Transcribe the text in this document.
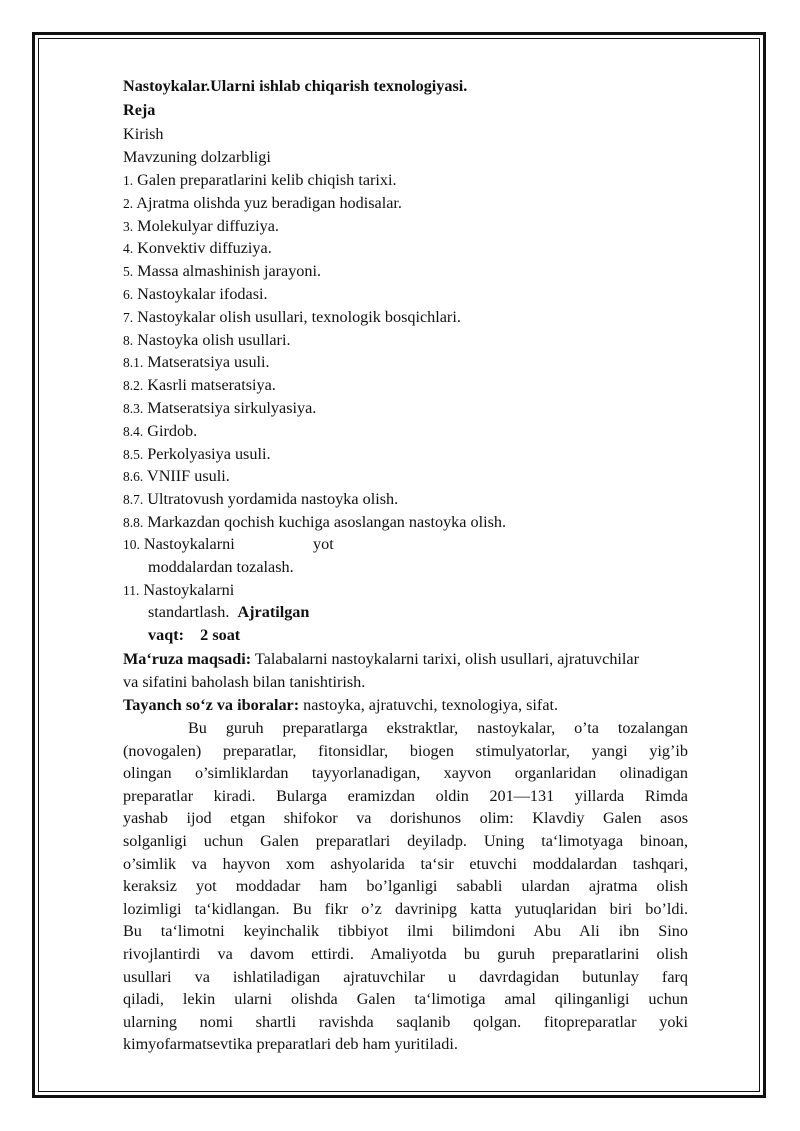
Nastoykalar.Ularni ishlab chiqarish texnologiyasi.
Reja
Kirish
Mavzuning dolzarbligi
1. Galen preparatlarini kelib chiqish tarixi.
2. Ajratma olishda yuz beradigan hodisalar.
3. Molekulyar diffuziya.
4. Konvektiv diffuziya.
5. Massa almashinish jarayoni.
6. Nastoykalar ifodasi.
7. Nastoykalar olish usullari, texnologik bosqichlari.
8. Nastoyka olish usullari.
8.1. Matseratsiya usuli.
8.2. Kasrli matseratsiya.
8.3. Matseratsiya sirkulyasiya.
8.4. Girdob.
8.5. Perkolyasiya usuli.
8.6. VNIIF usuli.
8.7. Ultratovush yordamida nastoyka olish.
8.8. Markazdan qochish kuchiga asoslangan nastoyka olish.
10. Nastoykalarni	yot
moddalardan tozalash.
11. Nastoykalarni
standartlash. Ajratilgan
vaqt: 2 soat
Ma‘ruza maqsadi: Talabalarni nastoykalarni tarixi, olish usullari, ajratuvchilar
va sifatini baholash bilan tanishtirish.
Tayanch so‘z va iboralar: nastoyka, ajratuvchi, texnologiya, sifat.
Bu guruh preparatlarga ekstraktlar, nastoykalar, o’ta tozalangan
(novogalen) preparatlar, fitonsidlar, biogen stimulyatorlar, yangi yig’ib
olingan o’simliklardan tayyorlanadigan, xayvon organlaridan olinadigan
preparatlar kiradi. Bularga eramizdan oldin 201—131 yillarda Rimda
yashab ijod etgan shifokor va dorishunos olim: Klavdiy Galen asos
solganligi uchun Galen preparatlari deyiladp. Uning ta‘limotyaga binoan,
o’simlik va hayvon xom ashyolarida ta‘sir etuvchi moddalardan tashqari,
keraksiz yot moddadar ham bo’lganligi sababli ulardan ajratma olish
lozimligi ta‘kidlangan. Bu fikr o’z davrinipg katta yutuqlaridan biri bo’ldi.
Bu ta‘limotni keyinchalik tibbiyot ilmi bilimdoni Abu Ali ibn Sino
rivojlantirdi va davom ettirdi. Amaliyotda bu guruh preparatlarini olish
usullari va ishlatiladigan ajratuvchilar u davrdagidan butunlay farq
qiladi, lekin ularni olishda Galen ta‘limotiga amal qilinganligi uchun
ularning nomi shartli ravishda saqlanib qolgan. fitopreparatlar yoki
kimyofarmatsevtika preparatlari deb ham yuritiladi.
